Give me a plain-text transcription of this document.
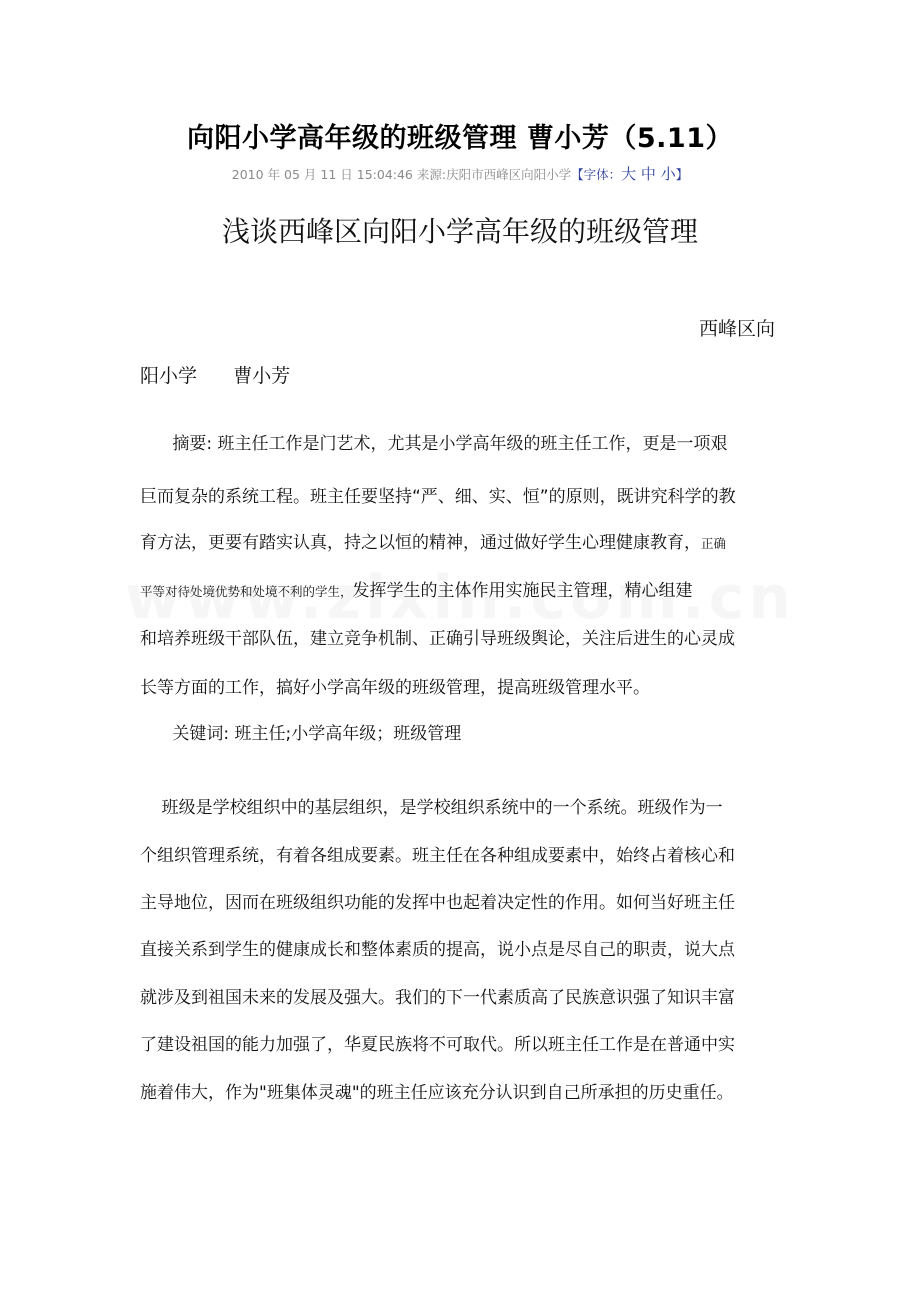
向阳小学高年级的班级管理 曹小芳（5.11）
2010 年 05 月 11 日 15:04:46 来源:庆阳市西峰区向阳小学【字体：大 中 小】
浅谈西峰区向阳小学高年级的班级管理
西峰区向
阳小学      曹小芳
摘要: 班主任工作是门艺术，尤其是小学高年级的班主任工作，更是一项艰
巨而复杂的系统工程。班主任要坚持“严、细、实、恒”的原则，既讲究科学的教
育方法，更要有踏实认真，持之以恒的精神，通过做好学生心理健康教育，正确
平等对待处境优势和处境不利的学生，发挥学生的主体作用实施民主管理，精心组建
和培养班级干部队伍，建立竞争机制、正确引导班级舆论，关注后进生的心灵成
长等方面的工作，搞好小学高年级的班级管理，提高班级管理水平。
关键词: 班主任;小学高年级；班级管理
班级是学校组织中的基层组织，是学校组织系统中的一个系统。班级作为一
个组织管理系统，有着各组成要素。班主任在各种组成要素中，始终占着核心和
主导地位，因而在班级组织功能的发挥中也起着决定性的作用。如何当好班主任
直接关系到学生的健康成长和整体素质的提高，说小点是尽自己的职责，说大点
就涉及到祖国未来的发展及强大。我们的下一代素质高了民族意识强了知识丰富
了建设祖国的能力加强了，华夏民族将不可取代。所以班主任工作是在普通中实
施着伟大，作为"班集体灵魂"的班主任应该充分认识到自己所承担的历史重任。
